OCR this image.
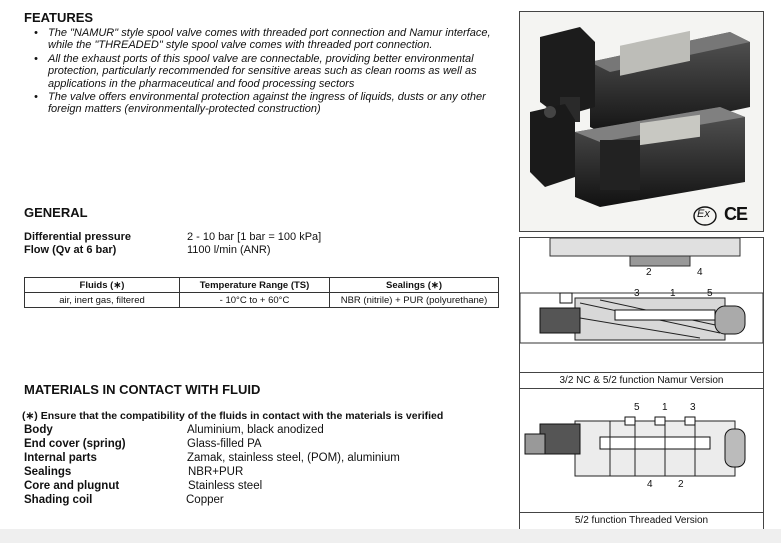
FEATURES
• The "NAMUR" style spool valve comes with threaded port connection and Namur interface, while the "THREADED" style spool valve comes with threaded port connection.
• All the exhaust ports of this spool valve are connectable, providing better environmental protection, particularly recommended for sensitive areas such as clean rooms as well as applications in the pharmaceutical and food processing sectors
• The valve offers environmental protection against the ingress of liquids, dusts or any other foreign matters (environmentally-protected construction)
GENERAL
Differential pressure	2 - 10 bar [1 bar = 100 kPa]
Flow (Qv at 6 bar)	1100 l/min (ANR)
Fluids (∗)	Temperature Range (TS)	Sealings (∗)
air, inert gas, filtered	- 10°C to + 60°C	NBR (nitrile) + PUR (polyurethane)
MATERIALS IN CONTACT WITH FLUID
(∗) Ensure that the compatibility of the fluids in contact with the materials is verified
Body	Aluminium, black anodized
End cover (spring)	Glass-filled PA
Internal parts	Zamak, stainless steel, (POM), aluminium
Sealings	NBR+PUR
Core and plugnut	Stainless steel
Shading coil	Copper
Ex CE
2	4
3	1	5
3/2 NC & 5/2 function Namur Version
5 1 3
4	2
5/2 function Threaded Version
